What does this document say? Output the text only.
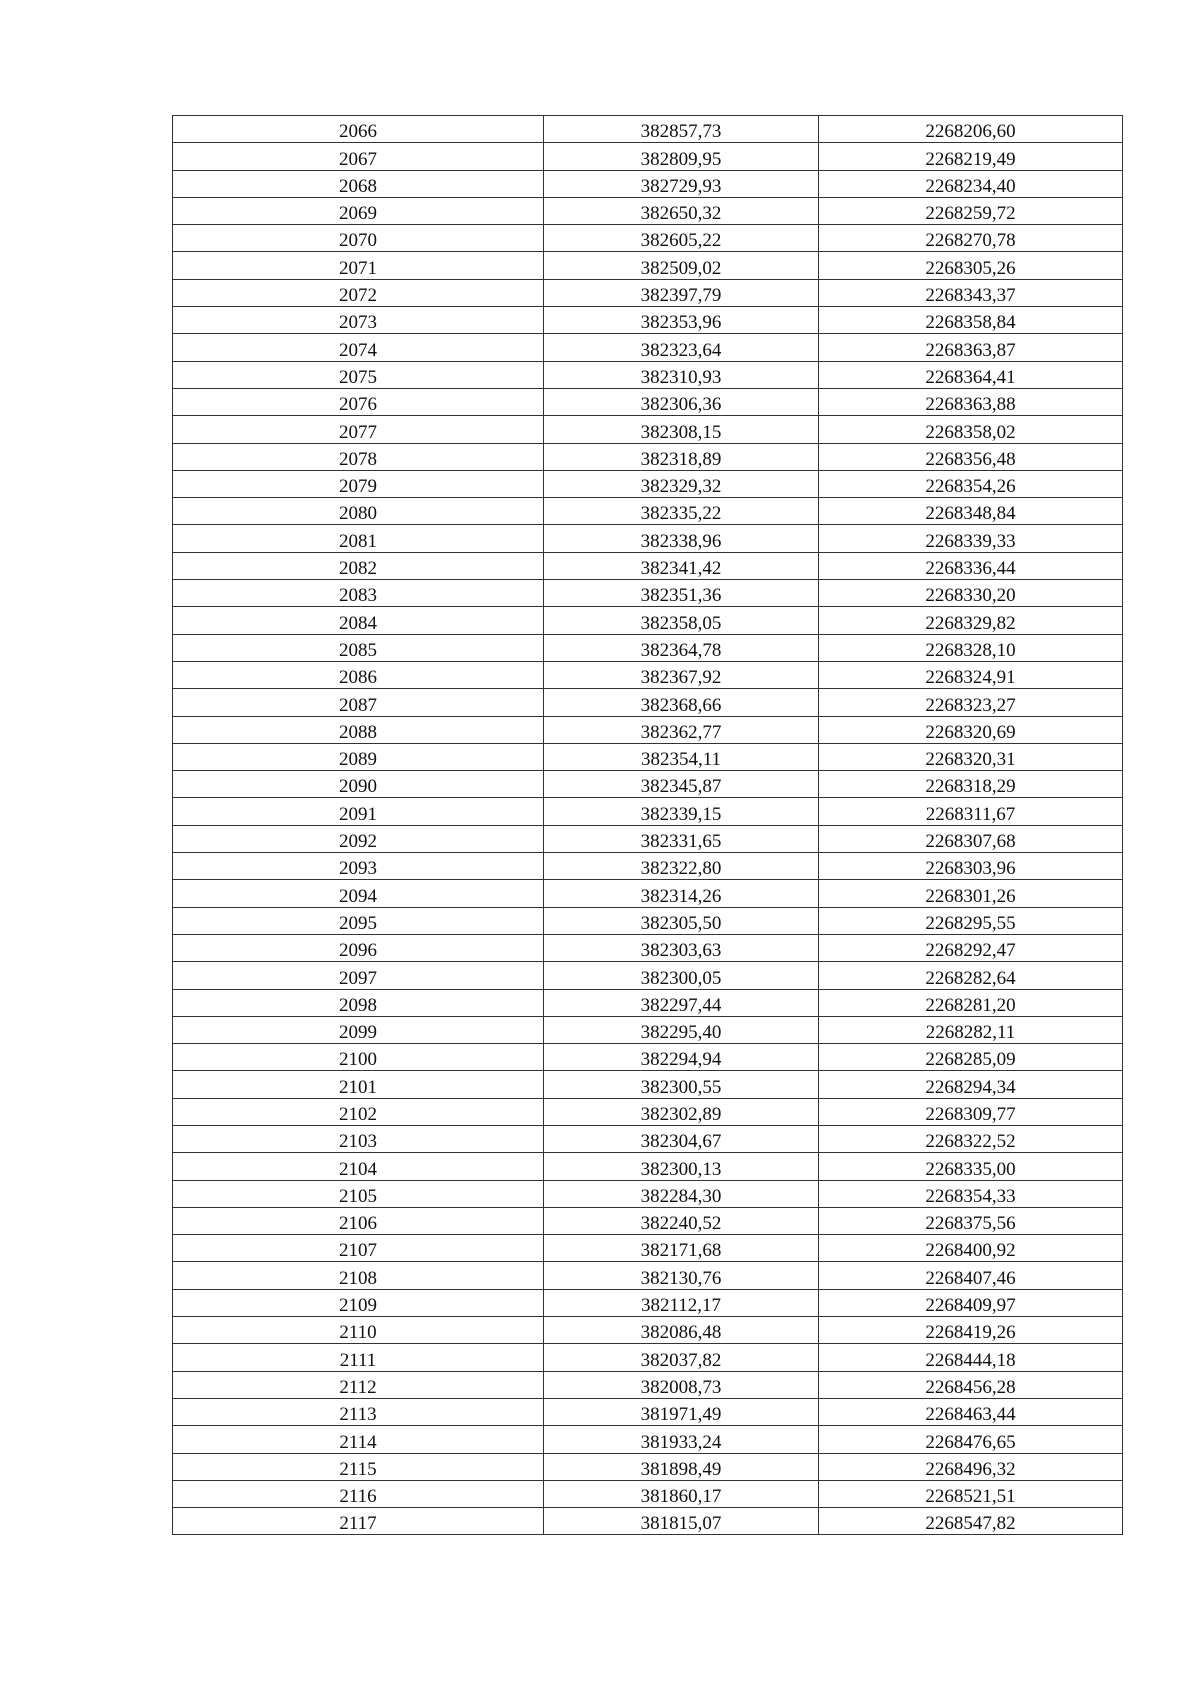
2066	382857,73	2268206,60
2067	382809,95	2268219,49
2068	382729,93	2268234,40
2069	382650,32	2268259,72
2070	382605,22	2268270,78
2071	382509,02	2268305,26
2072	382397,79	2268343,37
2073	382353,96	2268358,84
2074	382323,64	2268363,87
2075	382310,93	2268364,41
2076	382306,36	2268363,88
2077	382308,15	2268358,02
2078	382318,89	2268356,48
2079	382329,32	2268354,26
2080	382335,22	2268348,84
2081	382338,96	2268339,33
2082	382341,42	2268336,44
2083	382351,36	2268330,20
2084	382358,05	2268329,82
2085	382364,78	2268328,10
2086	382367,92	2268324,91
2087	382368,66	2268323,27
2088	382362,77	2268320,69
2089	382354,11	2268320,31
2090	382345,87	2268318,29
2091	382339,15	2268311,67
2092	382331,65	2268307,68
2093	382322,80	2268303,96
2094	382314,26	2268301,26
2095	382305,50	2268295,55
2096	382303,63	2268292,47
2097	382300,05	2268282,64
2098	382297,44	2268281,20
2099	382295,40	2268282,11
2100	382294,94	2268285,09
2101	382300,55	2268294,34
2102	382302,89	2268309,77
2103	382304,67	2268322,52
2104	382300,13	2268335,00
2105	382284,30	2268354,33
2106	382240,52	2268375,56
2107	382171,68	2268400,92
2108	382130,76	2268407,46
2109	382112,17	2268409,97
2110	382086,48	2268419,26
2111	382037,82	2268444,18
2112	382008,73	2268456,28
2113	381971,49	2268463,44
2114	381933,24	2268476,65
2115	381898,49	2268496,32
2116	381860,17	2268521,51
2117	381815,07	2268547,82
